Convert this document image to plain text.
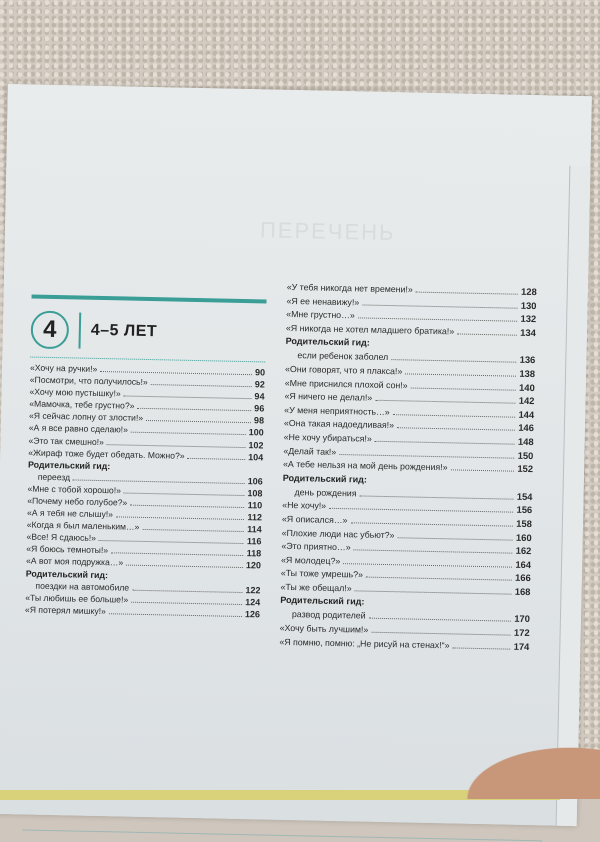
ПЕРЕЧЕНЬ
4	4–5 ЛЕТ
«Хочу на ручки!»	90
«Посмотри, что получилось!»	92
«Хочу мою пустышку!»	94
«Мамочка, тебе грустно?»	96
«Я сейчас лопну от злости!»	98
«А я все равно сделаю!»	100
«Это так смешно!»	102
«Жираф тоже будет обедать. Можно?»	104
Родительский гид:
переезд	106
«Мне с тобой хорошо!»	108
«Почему небо голубое?»	110
«А я тебя не слышу!»	112
«Когда я был маленьким…»	114
«Все! Я сдаюсь!»	116
«Я боюсь темноты!»	118
«А вот моя подружка…»	120
Родительский гид:
поездки на автомобиле	122
«Ты любишь ее больше!»	124
«Я потерял мишку!»	126
«У тебя никогда нет времени!»	128
«Я ее ненавижу!»	130
«Мне грустно…»	132
«Я никогда не хотел младшего братика!»	134
Родительский гид:
если ребенок заболел	136
«Они говорят, что я плакса!»	138
«Мне приснился плохой сон!»	140
«Я ничего не делал!»	142
«У меня неприятность…»	144
«Она такая надоедливая!»	146
«Не хочу убираться!»	148
«Делай так!»	150
«А тебе нельзя на мой день рождения!»	152
Родительский гид:
день рождения	154
«Не хочу!»	156
«Я описался…»	158
«Плохие люди нас убьют?»	160
«Это приятно…»	162
«Я молодец?»	164
«Ты тоже умрешь?»	166
«Ты же обещал!»	168
Родительский гид:
развод родителей	170
«Хочу быть лучшим!»	172
«Я помню, помню: „Не рисуй на стенах!“»	174
